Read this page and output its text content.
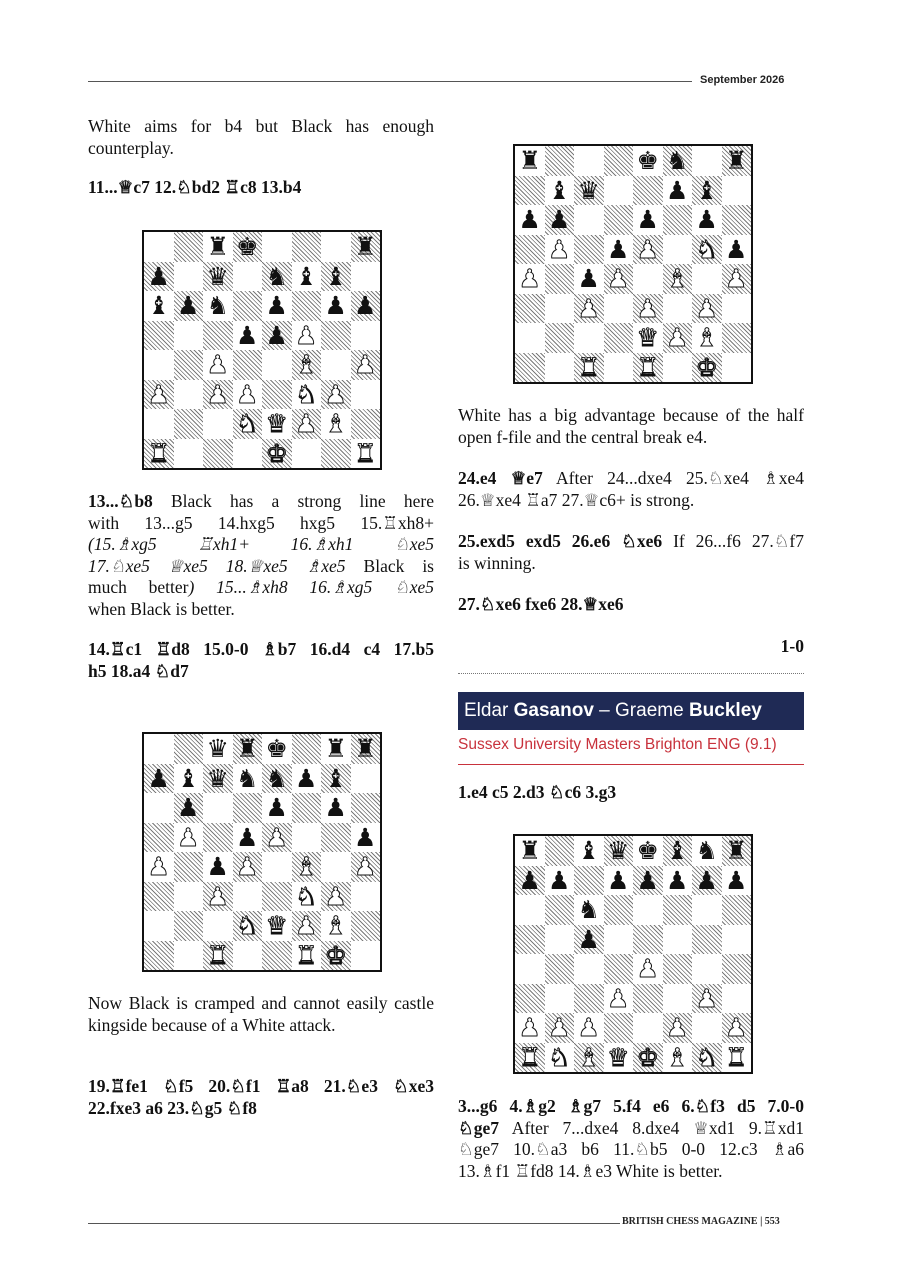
September 2026
White aims for b4 but Black has enough counterplay.
11...♕c7 12.♘bd2 ♖c8 13.b4
♜ ♚	♜
♟ ♛ ♞ ♝ ♝
♝ ♟ ♞ ♟ ♟ ♟
♟ ♟ ♟
♟	♝ ♟
♟ ♟ ♟ ♞ ♟
♞ ♛ ♟ ♝
♜	♚	♜
13...♘b8 Black has a strong line here
with 13...g5 14.hxg5 hxg5 15.♖xh8+
(15.♗xg5 ♖xh1+ 16.♗xh1 ♘xe5
17.♘xe5 ♕xe5 18.♕xe5 ♗xe5 Black is
much better) 15...♗xh8 16.♗xg5 ♘xe5
when Black is better.
14.♖c1 ♖d8 15.0-0 ♗b7 16.d4 c4 17.b5
h5 18.a4 ♘d7
♛ ♜ ♚ ♜ ♜
♟ ♝ ♛ ♞ ♞ ♟ ♝
♟	♟ ♟
♟ ♟ ♟	♟
♟ ♟ ♟ ♝ ♟
♟	♞ ♟
♞ ♛ ♟ ♝
♜	♜ ♚
Now Black is cramped and cannot easily castle kingside because of a White attack.
19.♖fe1 ♘f5 20.♘f1 ♖a8 21.♘e3 ♘xe3
22.fxe3 a6 23.♘g5 ♘f8
♜	♚ ♞ ♜
♝ ♛	♟ ♝
♟ ♟	♟ ♟
♟ ♟ ♟ ♞ ♟
♟ ♟ ♟ ♝ ♟
♟ ♟ ♟
♛ ♟ ♝
♜ ♜ ♚
White has a big advantage because of the half open f-file and the central break e4.
24.e4 ♕e7 After 24...dxe4 25.♘xe4 ♗xe4
26.♕xe4 ♖a7 27.♕c6+ is strong.
25.exd5 exd5 26.e6 ♘xe6 If 26...f6 27.♘f7
is winning.
27.♘xe6 fxe6 28.♕xe6
1-0
Eldar Gasanov – Graeme Buckley
Sussex University Masters Brighton ENG (9.1)
1.e4 c5 2.d3 ♘c6 3.g3
♜ ♝ ♛ ♚ ♝ ♞ ♜
♟ ♟ ♟ ♟ ♟ ♟ ♟
♞
♟
♟
♟	♟
♟ ♟ ♟	♟ ♟
♜ ♞ ♝ ♛ ♚ ♝ ♞ ♜
3...g6 4.♗g2 ♗g7 5.f4 e6 6.♘f3 d5 7.0-0
♘ge7 After 7...dxe4 8.dxe4 ♕xd1 9.♖xd1
♘ge7 10.♘a3 b6 11.♘b5 0-0 12.c3 ♗a6
13.♗f1 ♖fd8 14.♗e3 White is better.
BRITISH CHESS MAGAZINE | 553
